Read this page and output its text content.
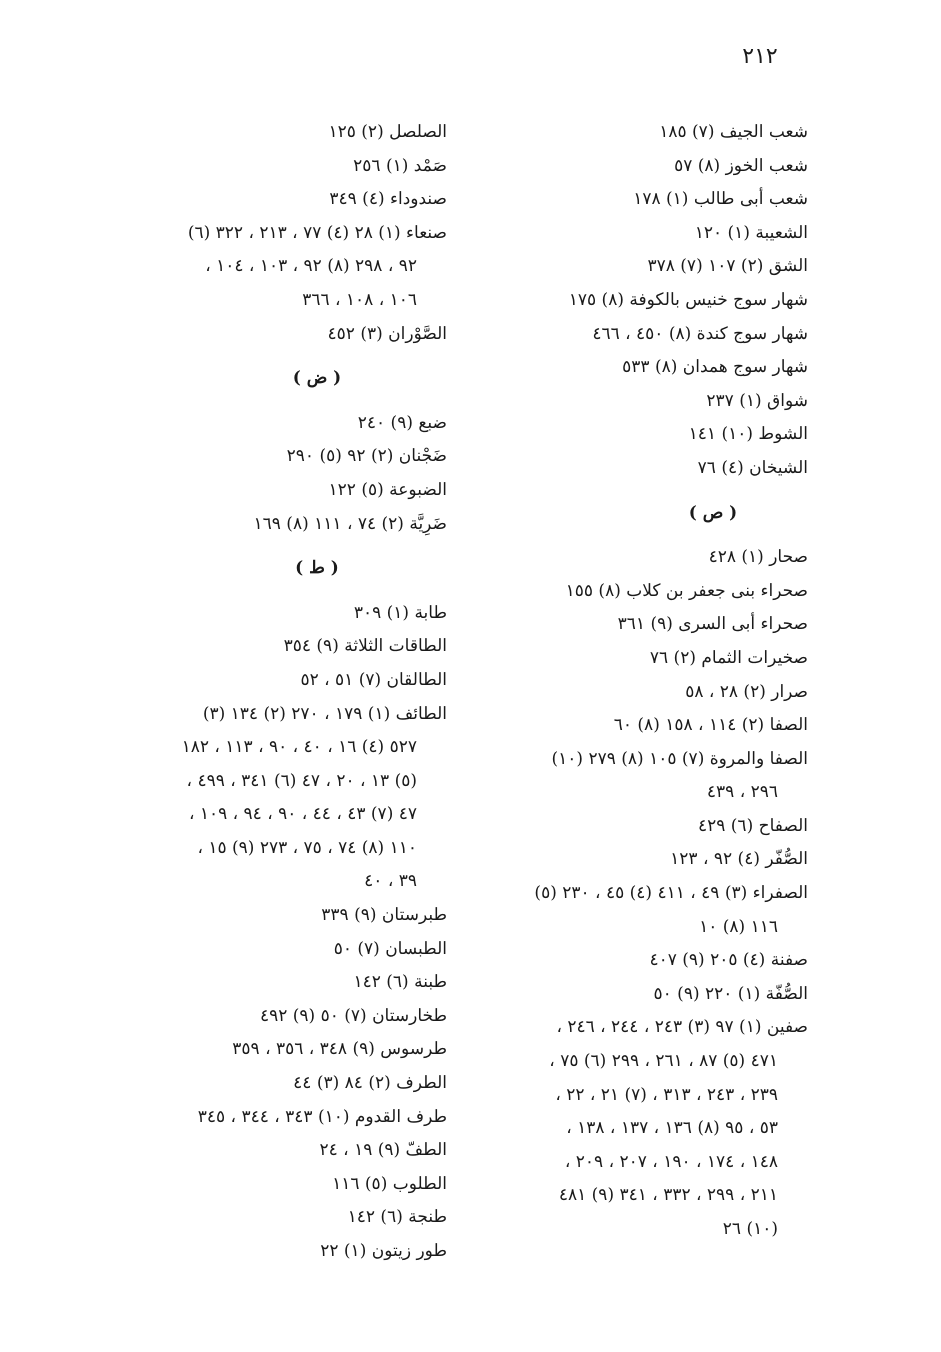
٢١٢
شعب الجيف (٧) ١٨٥
شعب الخوز (٨) ٥٧
شعب أبى طالب (١) ١٧٨
الشعيبة (١) ١٢٠
الشق (٢) ١٠٧ (٧) ٣٧٨
شهار سوج خنيس بالكوفة (٨) ١٧٥
شهار سوج كندة (٨) ٤٥٠ ، ٤٦٦
شهار سوج همدان (٨) ٥٣٣
شواق (١) ٢٣٧
الشوط (١٠) ١٤١
الشيخان (٤) ٧٦
( ص )
صحار (١) ٤٢٨
صحراء بنى جعفر بن كلاب (٨) ١٥٥
صحراء أبى السرى (٩) ٣٦١
صخيرات الثمام (٢) ٧٦
صرار (٢) ٢٨ ، ٥٨
الصفا (٢) ١١٤ ، ١٥٨ (٨) ٦٠
الصفا والمروة (٧) ١٠٥ (٨) ٢٧٩ (١٠)
٢٩٦ ، ٤٣٩
الصفاح (٦) ٤٢٩
الصُّفّر (٤) ٩٢ ، ١٢٣
الصفراء (٣) ٤٩ ، ٤١١ (٤) ٤٥ ، ٢٣٠ (٥)
١١٦ (٨) ١٠
صفنة (٤) ٢٠٥ (٩) ٤٠٧
الصُّفّة (١) ٢٢٠ (٩) ٥٠
صفين (١) ٩٧ (٣) ٢٤٣ ، ٢٤٤ ، ٢٤٦ ،
٤٧١ (٥) ٨٧ ، ٢٦١ ، ٢٩٩ (٦) ٧٥ ،
٢٣٩ ، ٢٤٣ ، ٣١٣ ، (٧) ٢١ ، ٢٢ ،
٥٣ ، ٩٥ (٨) ١٣٦ ، ١٣٧ ، ١٣٨ ،
١٤٨ ، ١٧٤ ، ١٩٠ ، ٢٠٧ ، ٢٠٩ ،
٢١١ ، ٢٩٩ ، ٣٣٢ ، ٣٤١ (٩) ٤٨١
(١٠) ٢٦
الصلصل (٢) ١٢٥
صَمْد (١) ٢٥٦
صندوداء (٤) ٣٤٩
صنعاء (١) ٢٨ (٤) ٧٧ ، ٢١٣ ، ٣٢٢ (٦)
٩٢ ، ٢٩٨ (٨) ٩٢ ، ١٠٣ ، ١٠٤ ،
١٠٦ ، ١٠٨ ، ٣٦٦
الصَّوْران (٣) ٤٥٢
( ض )
ضبع (٩) ٢٤٠
ضَجْنان (٢) ٩٢ (٥) ٢٩٠
الضبوعة (٥) ١٢٢
ضَرِيَّة (٢) ٧٤ ، ١١١ (٨) ١٦٩
( ط )
طابة (١) ٣٠٩
الطاقات الثلاثة (٩) ٣٥٤
الطالقان (٧) ٥١ ، ٥٢
الطائف (١) ١٧٩ ، ٢٧٠ (٢) ١٣٤ (٣)
٥٢٧ (٤) ١٦ ، ٤٠ ، ٩٠ ، ١١٣ ، ١٨٢
(٥) ١٣ ، ٢٠ ، ٤٧ (٦) ٣٤١ ، ٤٩٩ ،
٤٧ (٧) ٤٣ ، ٤٤ ، ٩٠ ، ٩٤ ، ١٠٩ ،
١١٠ (٨) ٧٤ ، ٧٥ ، ٢٧٣ (٩) ١٥ ،
٣٩ ، ٤٠
طبرستان (٩) ٣٣٩
الطبسان (٧) ٥٠
طبنة (٦) ١٤٢
طخارستان (٧) ٥٠ (٩) ٤٩٢
طرسوس (٩) ٣٤٨ ، ٣٥٦ ، ٣٥٩
الطرف (٢) ٨٤ (٣) ٤٤
طرف القدوم (١٠) ٣٤٣ ، ٣٤٤ ، ٣٤٥
الطفّ (٩) ١٩ ، ٢٤
الطلوب (٥) ١١٦
طنجة (٦) ١٤٢
طور زيتون (١) ٢٢
